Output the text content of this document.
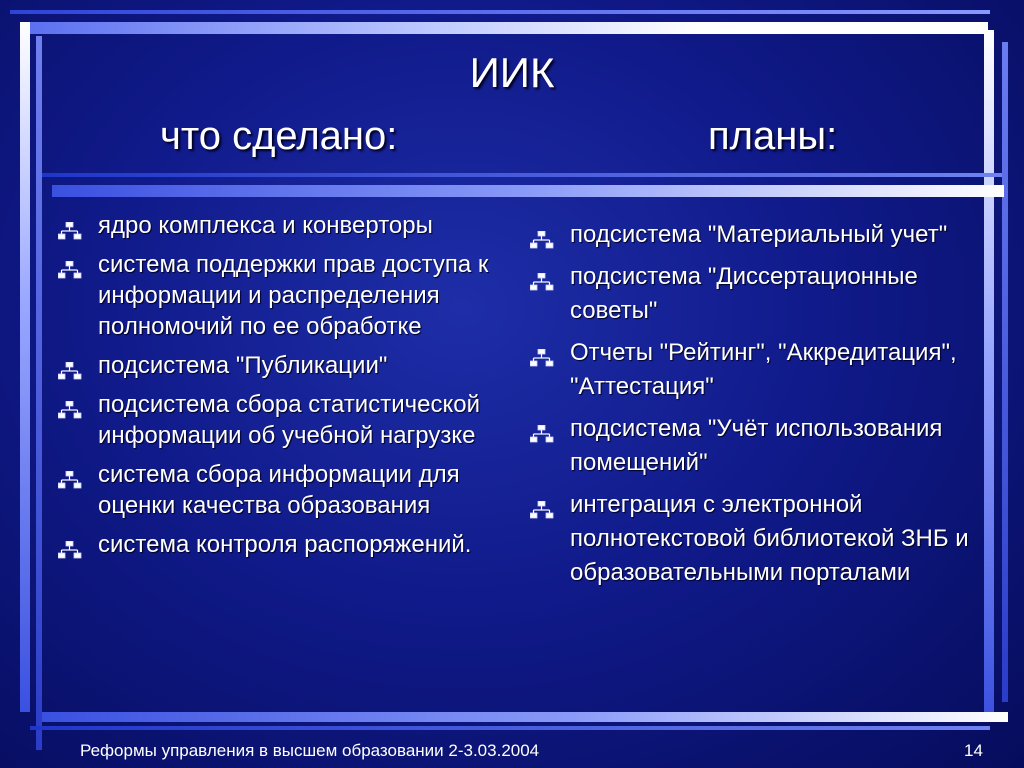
ИИК
что сделано:	планы:
ядро комплекса и конверторы
система поддержки прав доступа к информации и распределения полномочий по ее обработке
подсистема "Публикации"
подсистема сбора статистической информации об учебной нагрузке
система сбора информации для оценки качества образования
система контроля распоряжений.
подсистема "Материальный учет"
подсистема "Диссертационные советы"
Отчеты "Рейтинг", "Аккредитация", "Аттестация"
подсистема "Учёт использования помещений"
интеграция с электронной полнотекстовой библиотекой ЗНБ и образовательными порталами
Реформы управления в высшем образовании 2-3.03.2004	14
